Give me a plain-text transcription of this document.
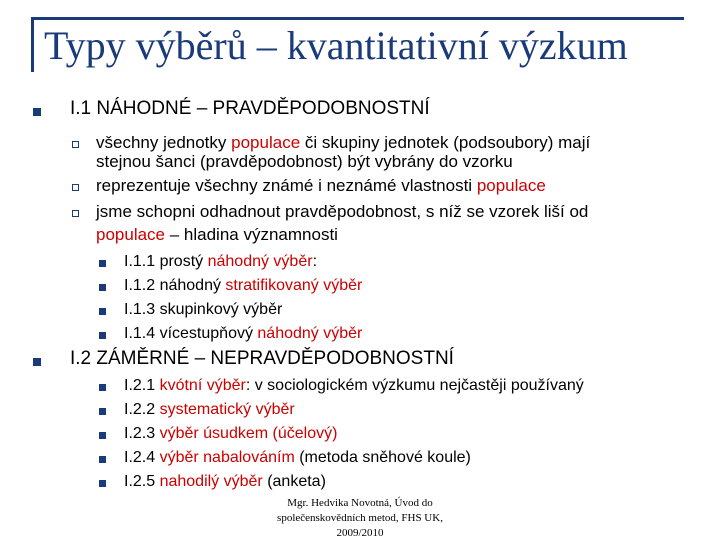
Typy výběrů – kvantitativní výzkum
I.1 NÁHODNÉ – PRAVDĚPODOBNOSTNÍ
všechny jednotky populace či skupiny jednotek (podsoubory) mají
stejnou šanci (pravděpodobnost) být vybrány do vzorku
reprezentuje všechny známé i neznámé vlastnosti populace
jsme schopni odhadnout pravděpodobnost, s níž se vzorek liší od
populace – hladina významnosti
I.1.1 prostý náhodný výběr:
I.1.2 náhodný stratifikovaný výběr
I.1.3 skupinkový výběr
I.1.4 vícestupňový náhodný výběr
I.2 ZÁMĚRNÉ – NEPRAVDĚPODOBNOSTNÍ
I.2.1 kvótní výběr: v sociologickém výzkumu nejčastěji používaný
I.2.2 systematický výběr
I.2.3 výběr úsudkem (účelový)
I.2.4 výběr nabalováním (metoda sněhové koule)
I.2.5 nahodilý výběr (anketa)
Mgr. Hedvika Novotná, Úvod do
společenskovědních metod, FHS UK,
2009/2010
